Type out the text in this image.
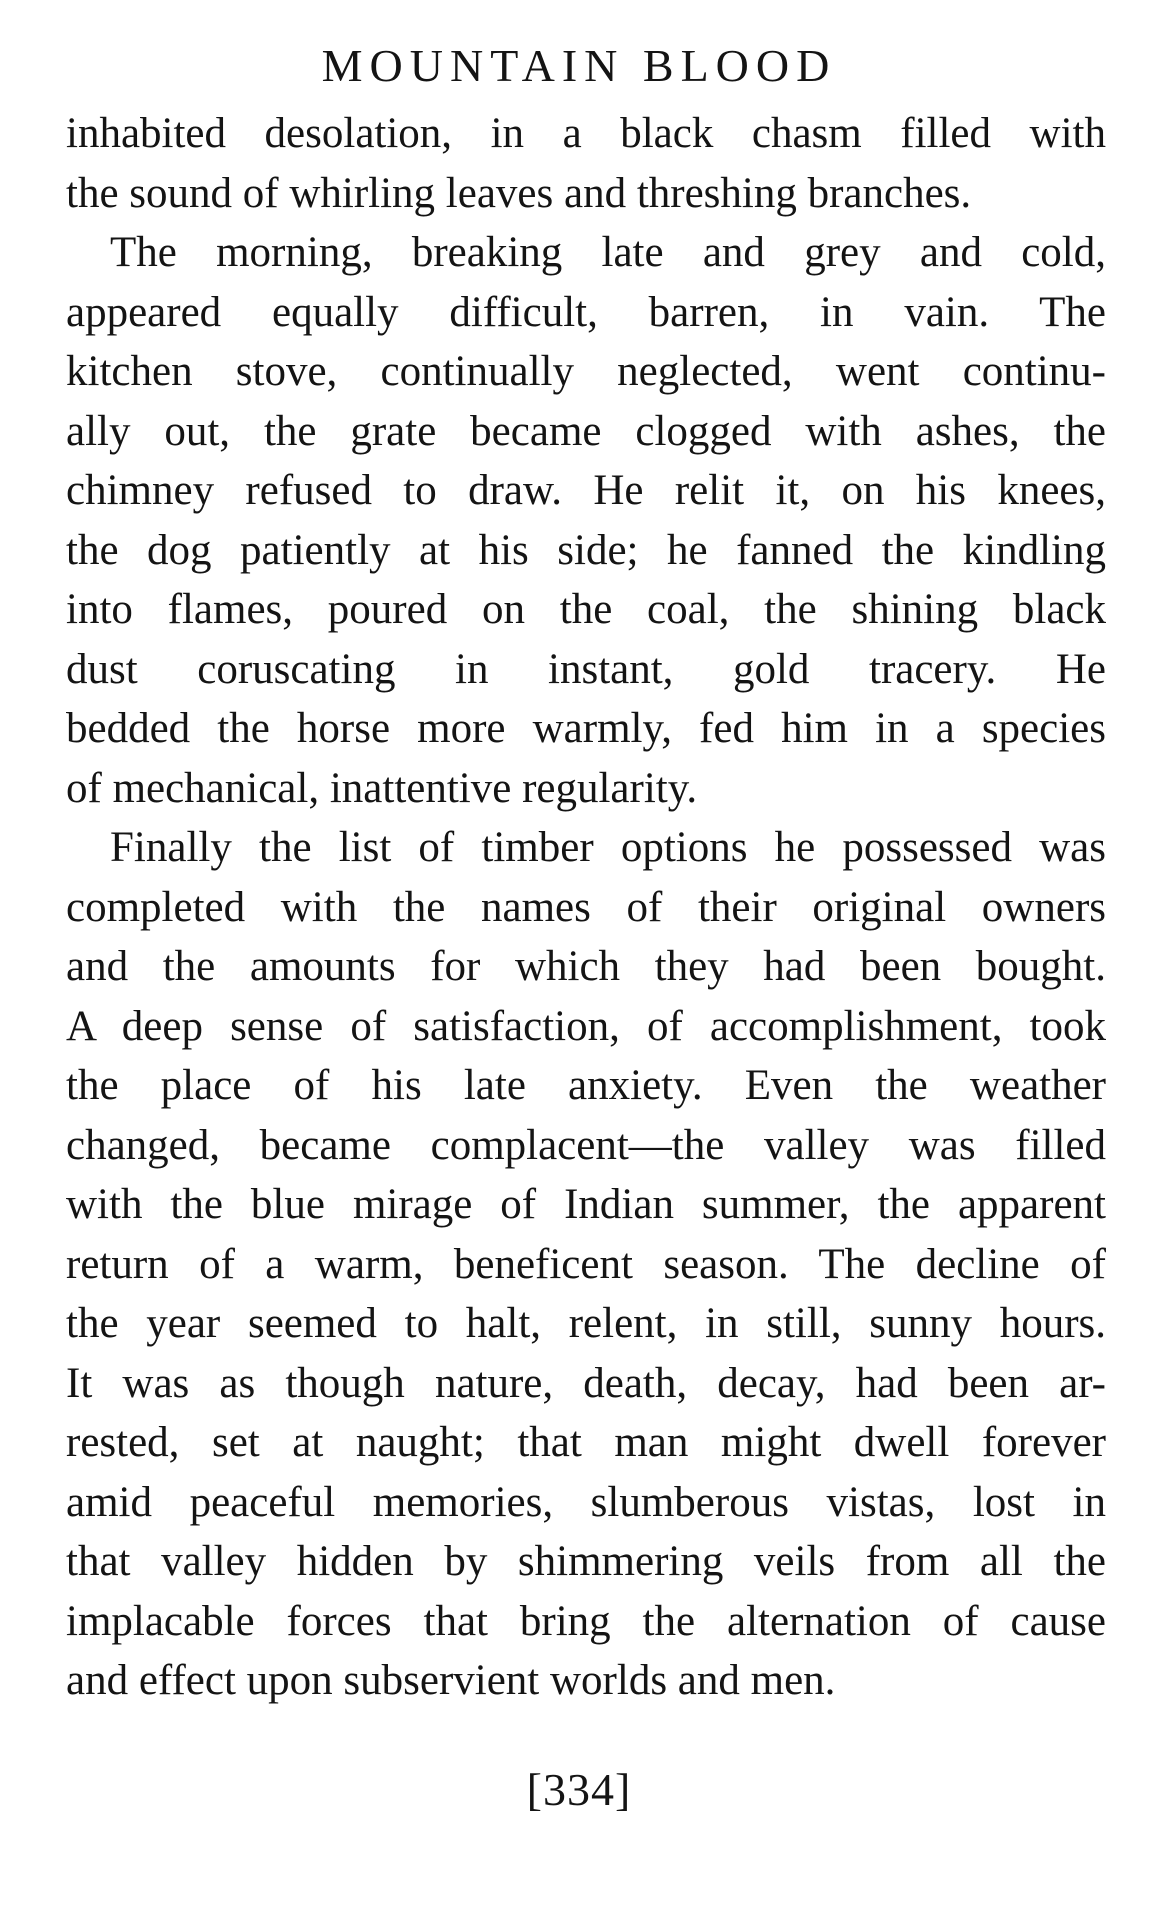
MOUNTAIN BLOOD
inhabited desolation, in a black chasm filled with
the sound of whirling leaves and threshing branches.
The morning, breaking late and grey and cold,
appeared equally difficult, barren, in vain. The
kitchen stove, continually neglected, went continu-
ally out, the grate became clogged with ashes, the
chimney refused to draw. He relit it, on his knees,
the dog patiently at his side; he fanned the kindling
into flames, poured on the coal, the shining black
dust coruscating in instant, gold tracery. He
bedded the horse more warmly, fed him in a species
of mechanical, inattentive regularity.
Finally the list of timber options he possessed was
completed with the names of their original owners
and the amounts for which they had been bought.
A deep sense of satisfaction, of accomplishment, took
the place of his late anxiety. Even the weather
changed, became complacent—the valley was filled
with the blue mirage of Indian summer, the apparent
return of a warm, beneficent season. The decline of
the year seemed to halt, relent, in still, sunny hours.
It was as though nature, death, decay, had been ar-
rested, set at naught; that man might dwell forever
amid peaceful memories, slumberous vistas, lost in
that valley hidden by shimmering veils from all the
implacable forces that bring the alternation of cause
and effect upon subservient worlds and men.
[334]
